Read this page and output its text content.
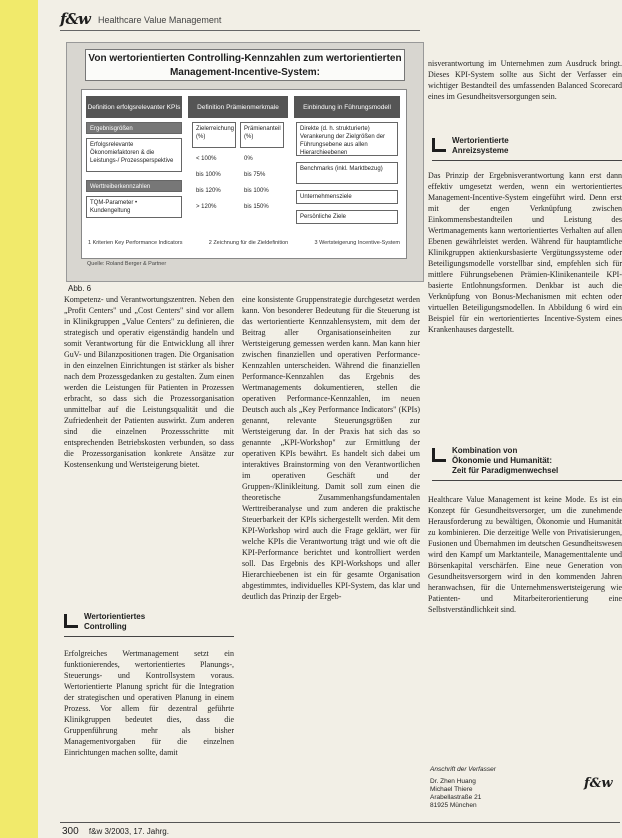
f&w Healthcare Value Management
Von wertorientierten Controlling-Kennzahlen zum wertorientierten Management-Incentive-System:
Definition erfolgsrelevanter KPIs	Definition Prämienmerkmale	Einbindung in Führungsmodell
Ergebnisgrößen
Erfolgsrelevante Ökonomiefaktoren & die Leistungs-/ Prozessperspektive
Werttreiberkennzahlen
TQM-Parameter • Kundengeltung
Zielerreichung (%)
Prämienanteil (%)
< 100%	0%
bis 100%	bis 75%
bis 120%	bis 100%
> 120%	bis 150%
Direkte (d. h. strukturierte) Verankerung der Zielgrößen der Führungsebene aus allen Hierarchieebenen
Benchmarks (inkl. Marktbezug)
Unternehmensziele
Persönliche Ziele
1 Kriterien Key Performance Indicators	2 Zeichnung für die Zieldefinition	3 Wertsteigerung Incentive-System
Quelle: Roland Berger & Partner
Abb. 6

Kompetenz- und Verantwortungszentren. Neben den „Profit Centers" und „Cost Centers" sind vor allem in Klinikgruppen „Value Centers" zu definieren, die strategisch und operativ eigenständig handeln und somit Verantwortung für die Entwicklung all ihrer GuV- und Bilanzpositionen tragen. Die Organisation in den einzelnen Einrichtungen ist stärker als bisher nach dem Prozessgedanken zu gestalten. Zum einen werden die Leistungen für Patienten in Prozessen erbracht, so dass sich die Prozessorganisation unmittelbar auf die Leistungsqualität und die Zufriedenheit der Patienten auswirkt. Zum anderen sind die einzelnen Prozessschritte mit entsprechenden Betriebskosten verbunden, so dass die Prozessorganisation konkrete Ansätze zur Kostensenkung und Wertsteigerung bietet.

Wertorientiertes
Controlling

Erfolgreiches Wertmanagement setzt ein funktionierendes, wertorientiertes Planungs-, Steuerungs- und Kontrollsystem voraus. Wertorientierte Planung spricht für die Integration der strategischen und operativen Planung in einem Prozess. Vor allem für dezentral geführte Klinikgruppen bedeutet dies, dass die Gruppenführung mehr als bisher Managementvorgaben für die einzelnen Einrichtungen machen sollte, damit

eine konsistente Gruppenstrategie durchgesetzt werden kann. Von besonderer Bedeutung für die Steuerung ist das wertorientierte Kennzahlensystem, mit dem der Beitrag aller Organisationseinheiten zur Wertsteigerung gemessen werden kann. Man kann hier zwischen finanziellen und operativen Performance-Kennzahlen unterscheiden. Während die finanziellen Performance-Kennzahlen das Ergebnis des Wertmanagements dokumentieren, stellen die operativen Performance-Kennzahlen, im neuen Deutsch auch als „Key Performance Indicators" (KPIs) genannt, relevante Steuerungsgrößen zur Wertsteigerung dar. In der Praxis hat sich das so genannte „KPI-Workshop" zur Ermittlung der operativen KPIs bewährt. Es handelt sich dabei um interaktives Brainstorming von den Verantwortlichen im operativen Geschäft und der Gruppen-/Klinikleitung. Damit soll zum einen die theoretische Zusammenhangsfundamentalen Werttreiberanalyse und zum anderen die praktische Steuerbarkeit der KPIs sichergestellt werden. Mit dem KPI-Workshop wird auch die Frage geklärt, wer für welche KPIs die Verantwortung trägt und wie oft die KPI-Performance berichtet und kontrolliert werden soll. Das Ergebnis des KPI-Workshops und aller Hierarchieebenen ist ein für gesamte Organisation abgestimmtes, individuelles KPI-System, das klar und deutlich das Prinzip der Ergeb-

nisverantwortung im Unternehmen zum Ausdruck bringt. Dieses KPI-System sollte aus Sicht der Verfasser ein wichtiger Bestandteil des umfassenden Balanced Scorecard eines im Gesundheitsversorgungen sein.

Wertorientierte
Anreizsysteme

Das Prinzip der Ergebnisverantwortung kann erst dann effektiv umgesetzt werden, wenn ein wertorientiertes Management-Incentive-System eingeführt wird. Denn erst mit der engen Verknüpfung zwischen Einkommensbestandteilen und Leistung des Wertmanagements kann wertorientiertes Verhalten auf allen Ebenen gewährleistet werden. Während für hauptamtliche Klinikgruppen aktienkursbasierte Vergütungssysteme oder Beteiligungsmodelle vorstellbar sind, empfehlen sich für mittlere Führungsebenen Prämien-Klinikenanteile KPI-basierte Entlohnungsformen. Denkbar ist auch die Verknüpfung von Bonus-Mechanismen mit echten oder virtuellen Beteiligungsmodellen. In Abbildung 6 wird ein Beispiel für ein wertorientiertes Incentive-System eines Krankenhauses dargestellt.

Kombination von
Ökonomie und Humanität:
Zeit für Paradigmenwechsel

Healthcare Value Management ist keine Mode. Es ist ein Konzept für Gesundheitsversorger, um die zunehmende Herausforderung zu bewältigen, Ökonomie und Humanität zu kombinieren. Die derzeitige Welle von Privatisierungen, Fusionen und Übernahmen im deutschen Gesundheitswesen wird den Kampf um Marktanteile, Managementtalente und Börsenkapital verschärfen. Eine neue Generation von Gesundheitsversorgern wird in den kommenden Jahren heranwachsen, für die Unternehmenswertsteigerung wie Patienten- und Mitarbeiterorientierung eine Selbstverständlichkeit sind.

Anschrift der Verfasser
Dr. Zhen Huang
Michael Thiere
Arabellastraße 21
81925 München
f&w
300 f&w 3/2003, 17. Jahrg.
